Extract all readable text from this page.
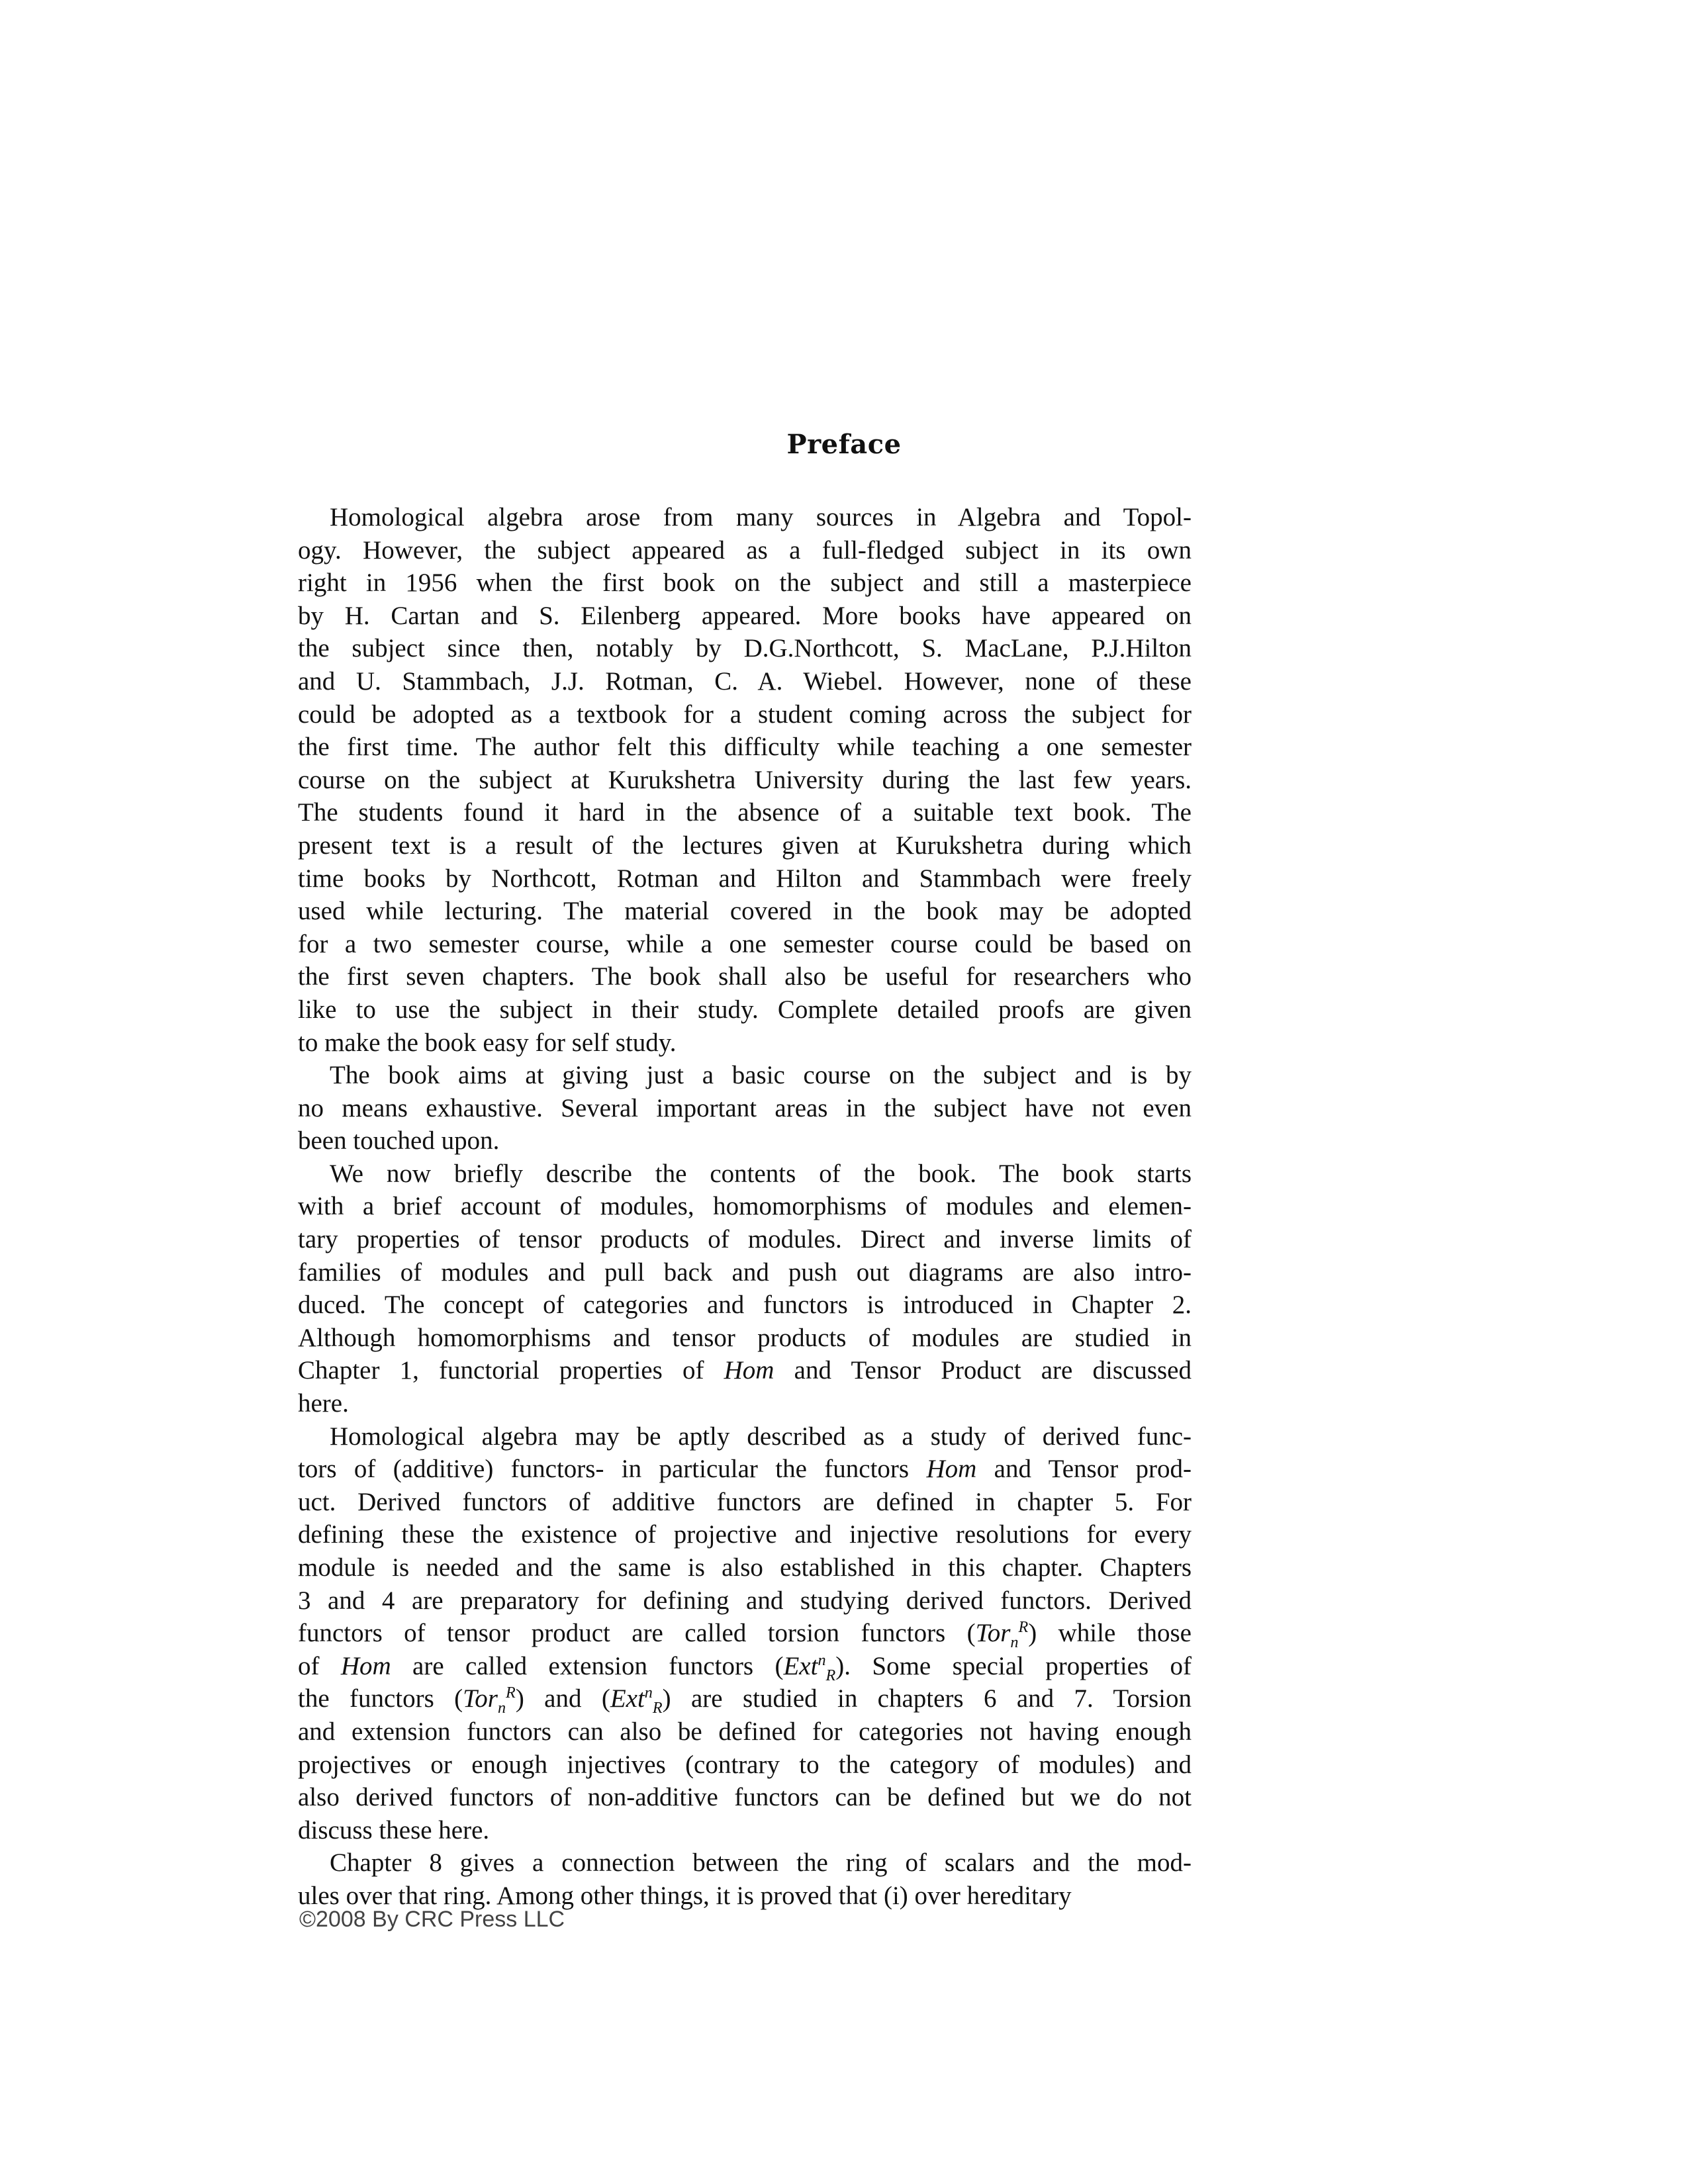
Preface
Homological algebra arose from many sources in Algebra and Topol-
ogy. However, the subject appeared as a full-fledged subject in its own
right in 1956 when the first book on the subject and still a masterpiece
by H. Cartan and S. Eilenberg appeared. More books have appeared on
the subject since then, notably by D.G.Northcott, S. MacLane, P.J.Hilton
and U. Stammbach, J.J. Rotman, C. A. Wiebel. However, none of these
could be adopted as a textbook for a student coming across the subject for
the first time. The author felt this difficulty while teaching a one semester
course on the subject at Kurukshetra University during the last few years.
The students found it hard in the absence of a suitable text book. The
present text is a result of the lectures given at Kurukshetra during which
time books by Northcott, Rotman and Hilton and Stammbach were freely
used while lecturing. The material covered in the book may be adopted
for a two semester course, while a one semester course could be based on
the first seven chapters. The book shall also be useful for researchers who
like to use the subject in their study. Complete detailed proofs are given
to make the book easy for self study.
The book aims at giving just a basic course on the subject and is by
no means exhaustive. Several important areas in the subject have not even
been touched upon.
We now briefly describe the contents of the book. The book starts
with a brief account of modules, homomorphisms of modules and elemen-
tary properties of tensor products of modules. Direct and inverse limits of
families of modules and pull back and push out diagrams are also intro-
duced. The concept of categories and functors is introduced in Chapter 2.
Although homomorphisms and tensor products of modules are studied in
Chapter 1, functorial properties of Hom and Tensor Product are discussed
here.
Homological algebra may be aptly described as a study of derived func-
tors of (additive) functors- in particular the functors Hom and Tensor prod-
uct. Derived functors of additive functors are defined in chapter 5. For
defining these the existence of projective and injective resolutions for every
module is needed and the same is also established in this chapter. Chapters
3 and 4 are preparatory for defining and studying derived functors. Derived
functors of tensor product are called torsion functors (Tor$_n^R$) while those
of Hom are called extension functors (Ext$^n_R$). Some special properties of
the functors (Tor$_n^R$) and (Ext$^n_R$) are studied in chapters 6 and 7. Torsion
and extension functors can also be defined for categories not having enough
projectives or enough injectives (contrary to the category of modules) and
also derived functors of non-additive functors can be defined but we do not
discuss these here.
Chapter 8 gives a connection between the ring of scalars and the mod-
ules over that ring. Among other things, it is proved that (i) over hereditary
©2008 By CRC Press LLC
